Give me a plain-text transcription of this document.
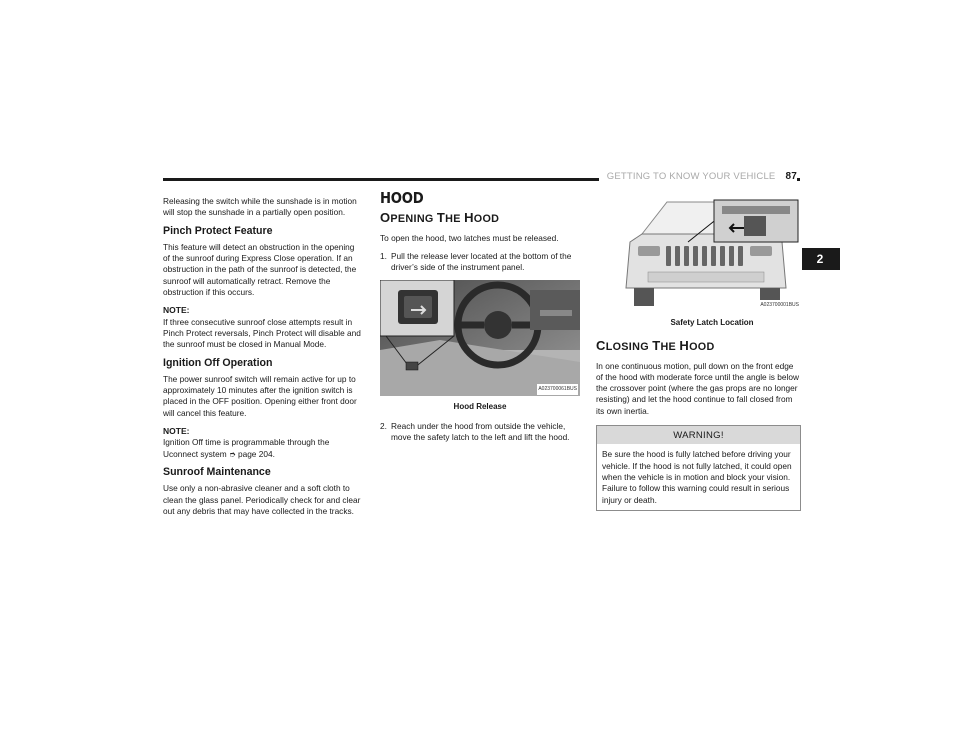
GETTING TO KNOW YOUR VEHICLE 87
2

Releasing the switch while the sunshade is in motion will stop the sunshade in a partially open position.

Pinch Protect Feature

This feature will detect an obstruction in the opening of the sunroof during Express Close operation. If an obstruction in the path of the sunroof is detected, the sunroof will automatically retract. Remove the obstruction if this occurs.

NOTE:

If three consecutive sunroof close attempts result in Pinch Protect reversals, Pinch Protect will disable and the sunroof must be closed in Manual Mode.

Ignition Off Operation

The power sunroof switch will remain active for up to approximately 10 minutes after the ignition switch is placed in the OFF position. Opening either front door will cancel this feature.

NOTE:

Ignition Off time is programmable through the Uconnect system ➮ page 204.

Sunroof Maintenance

Use only a non-abrasive cleaner and a soft cloth to clean the glass panel. Periodically check for and clear out any debris that may have collected in the tracks.

HOOD
OPENING THE HOOD

To open the hood, two latches must be released.

1. Pull the release lever located at the bottom of the driver’s side of the instrument panel.
A023700061BUS
Hood Release
2. Reach under the hood from outside the vehicle, move the safety latch to the left and lift the hood.
A023700001BUS
Safety Latch Location
CLOSING THE HOOD

In one continuous motion, pull down on the front edge of the hood with moderate force until the angle is below the crossover point (where the gas props are no longer resisting) and let the hood continue to fall closed from its own inertia.

WARNING!
Be sure the hood is fully latched before driving your vehicle. If the hood is not fully latched, it could open when the vehicle is in motion and block your vision. Failure to follow this warning could result in serious injury or death.
